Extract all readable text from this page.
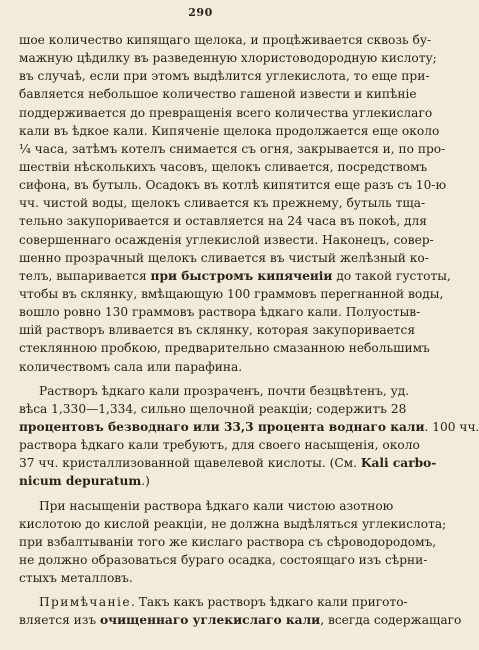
290
шое количество кипящаго щелока, и процѣживается сквозь бу-
мажную цѣдилку въ разведенную хлористоводородную кислоту;
въ случаѣ, если при этомъ выдѣлится углекислота, то еще при-
бавляется небольшое количество гашеной извести и кипѣніе
поддерживается до превращенія всего количества углекислаго
кали въ ѣдкое кали. Кипяченіе щелока продолжается еще около
¼ часа, затѣмъ котелъ снимается съ огня, закрывается и, по про-
шествіи нѣсколькихъ часовъ, щелокъ сливается, посредствомъ
сифона, въ бутыль. Осадокъ въ котлѣ кипятится еще разъ съ 10-ю
чч. чистой воды, щелокъ сливается къ прежнему, бутыль тща-
тельно закупоривается и оставляется на 24 часа въ покоѣ, для
совершеннаго осажденія углекислой извести. Наконецъ, совер-
шенно прозрачный щелокъ сливается въ чистый желѣзный ко-
телъ, выпаривается при быстромъ кипяченіи до такой густоты,
чтобы въ склянку, вмѣщающую 100 граммовъ перегнанной воды,
вошло ровно 130 граммовъ раствора ѣдкаго кали. Полуостыв-
шій растворъ вливается въ склянку, которая закупоривается
стеклянною пробкою, предварительно смазанною небольшимъ
количествомъ сала или парафина.
Растворъ ѣдкаго кали прозраченъ, почти безцвѣтенъ, уд.
вѣса 1,330—1,334, сильно щелочной реакціи; содержитъ 28
процентовъ безводнаго или 33,3 процента воднаго кали. 100 чч.
раствора ѣдкаго кали требуютъ, для своего насыщенія, около
37 чч. кристаллизованной щавелевой кислоты. (См. Kali carbo-
nicum depuratum.)
При насыщеніи раствора ѣдкаго кали чистою азотною
кислотою до кислой реакціи, не должна выдѣляться углекислота;
при взбалтываніи того же кислаго раствора съ сѣроводородомъ,
не должно образоваться бураго осадка, состоящаго изъ сѣрни-
стыхъ металловъ.
Примѣчаніе. Такъ какъ растворъ ѣдкаго кали пригото-
вляется изъ очищеннаго углекислаго кали, всегда содержащаго
